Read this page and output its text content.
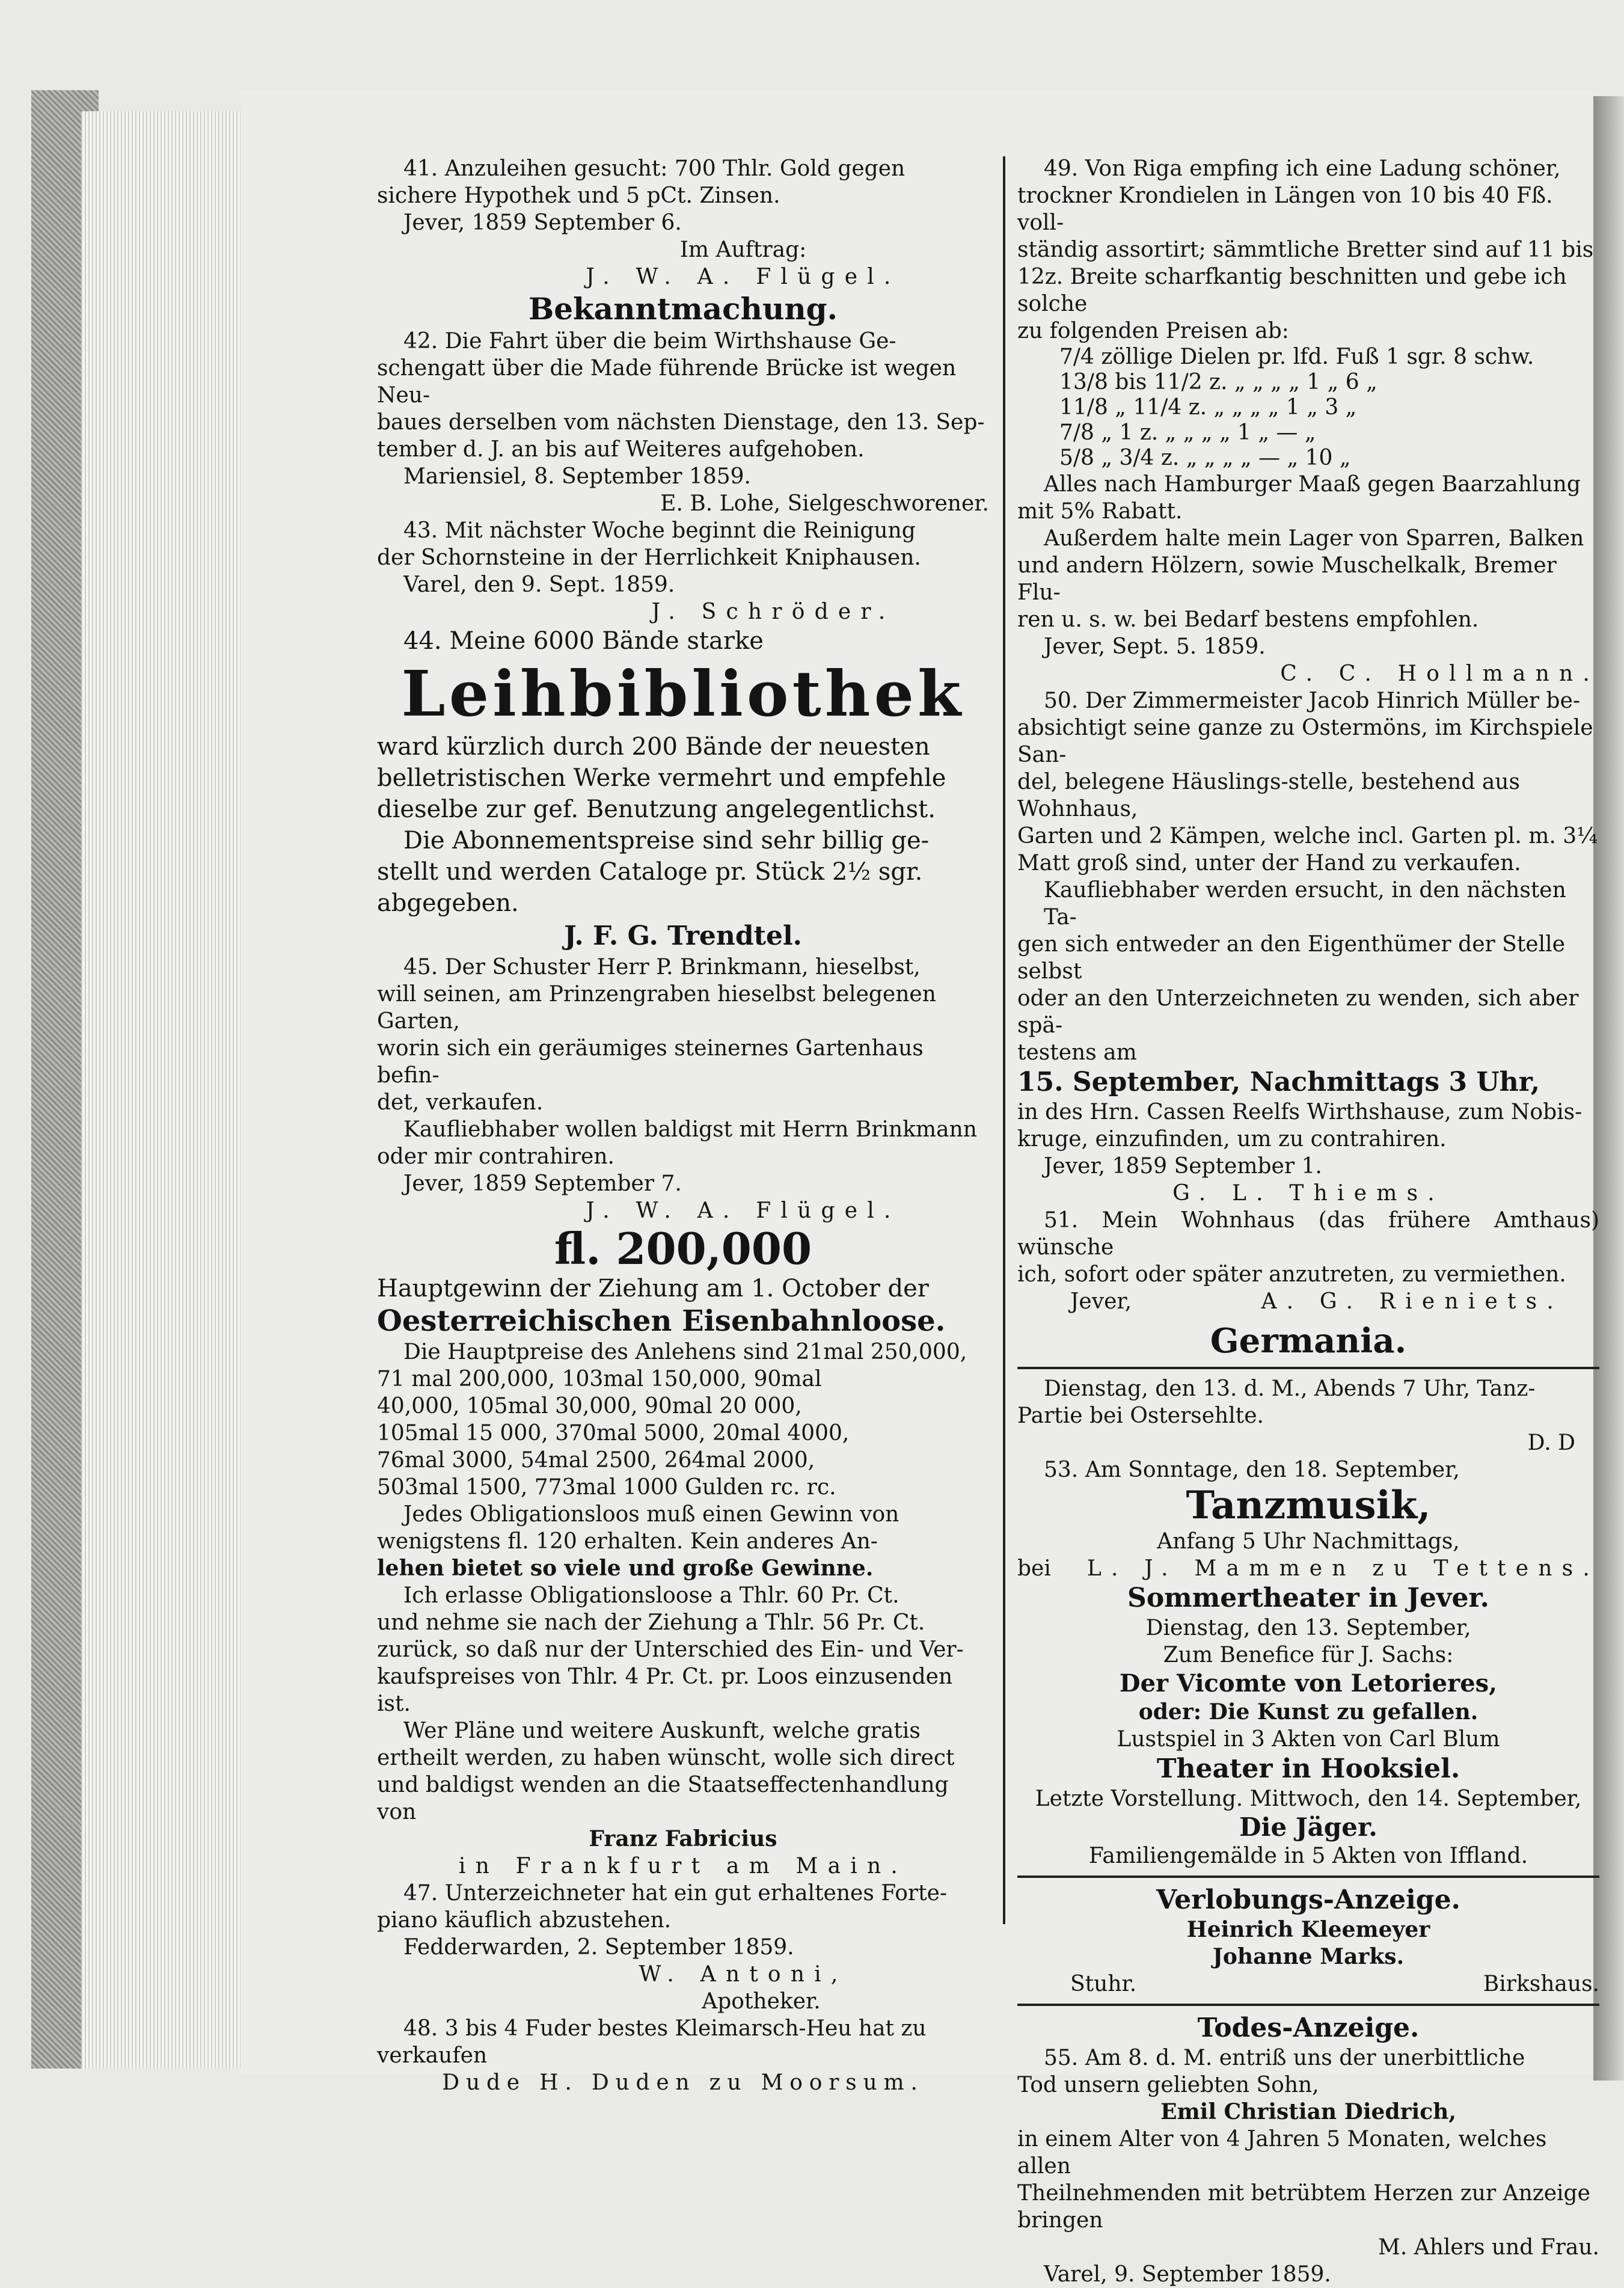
41. Anzuleihen gesucht: 700 Thlr. Gold gegen

sichere Hypothek und 5 pCt. Zinsen.

Jever, 1859 September 6.

Im Auftrag:

J. W. A. Flügel.

Bekanntmachung.

42. Die Fahrt über die beim Wirthshause Ge-

schengatt über die Made führende Brücke ist wegen Neu-

baues derselben vom nächsten Dienstage, den 13. Sep-

tember d. J. an bis auf Weiteres aufgehoben.

Mariensiel, 8. September 1859.

E. B. Lohe, Sielgeschworener.

43. Mit nächster Woche beginnt die Reinigung

der Schornsteine in der Herrlichkeit Kniphausen.

Varel, den 9. Sept. 1859.

J. Schröder.

44. Meine 6000 Bände starke

Leihbibliothek

ward kürzlich durch 200 Bände der neuesten

belletristischen Werke vermehrt und empfehle

dieselbe zur gef. Benutzung angelegentlichst.

Die Abonnementspreise sind sehr billig ge-

stellt und werden Cataloge pr. Stück 2½ sgr.

abgegeben.

J. F. G. Trendtel.

45. Der Schuster Herr P. Brinkmann, hieselbst,

will seinen, am Prinzengraben hieselbst belegenen Garten,

worin sich ein geräumiges steinernes Gartenhaus befin-

det, verkaufen.

Kaufliebhaber wollen baldigst mit Herrn Brinkmann

oder mir contrahiren.

Jever, 1859 September 7.

J. W. A. Flügel.

fl. 200,000

Hauptgewinn der Ziehung am 1. October der

Oesterreichischen Eisenbahnloose.

Die Hauptpreise des Anlehens sind 21mal 250,000,

71 mal 200,000, 103mal 150,000, 90mal

40,000, 105mal 30,000, 90mal 20 000,

105mal 15 000, 370mal 5000, 20mal 4000,

76mal 3000, 54mal 2500, 264mal 2000,

503mal 1500, 773mal 1000 Gulden rc. rc.

Jedes Obligationsloos muß einen Gewinn von

wenigstens fl. 120 erhalten. Kein anderes An-

lehen bietet so viele und große Gewinne.

Ich erlasse Obligationsloose a Thlr. 60 Pr. Ct.

und nehme sie nach der Ziehung a Thlr. 56 Pr. Ct.

zurück, so daß nur der Unterschied des Ein- und Ver-

kaufspreises von Thlr. 4 Pr. Ct. pr. Loos einzusenden ist.

Wer Pläne und weitere Auskunft, welche gratis

ertheilt werden, zu haben wünscht, wolle sich direct

und baldigst wenden an die Staatseffectenhandlung von

Franz Fabricius

in Frankfurt am Main.

47. Unterzeichneter hat ein gut erhaltenes Forte-

piano käuflich abzustehen.

Fedderwarden, 2. September 1859.

W. Antoni,

Apotheker.

48. 3 bis 4 Fuder bestes Kleimarsch-Heu hat zu

verkaufen

Dude H. Duden zu Moorsum.

49. Von Riga empfing ich eine Ladung schöner,

trockner Krondielen in Längen von 10 bis 40 Fß. voll-

ständig assortirt; sämmtliche Bretter sind auf 11 bis

12z. Breite scharfkantig beschnitten und gebe ich solche

zu folgenden Preisen ab:

7/4 zöllige Dielen pr. lfd. Fuß 1 sgr. 8 schw.

13/8 bis 11/2 z. „ „ „ „ 1 „ 6 „

11/8 „ 11/4 z. „ „ „ „ 1 „ 3 „

7/8 „ 1 z. „ „ „ „ 1 „ — „

5/8 „ 3/4 z. „ „ „ „ — „ 10 „

Alles nach Hamburger Maaß gegen Baarzahlung

mit 5% Rabatt.

Außerdem halte mein Lager von Sparren, Balken

und andern Hölzern, sowie Muschelkalk, Bremer Flu-

ren u. s. w. bei Bedarf bestens empfohlen.

Jever, Sept. 5. 1859.

C. C. Hollmann.

50. Der Zimmermeister Jacob Hinrich Müller be-

absichtigt seine ganze zu Ostermöns, im Kirchspiele San-

del, belegene Häuslings-stelle, bestehend aus Wohnhaus,

Garten und 2 Kämpen, welche incl. Garten pl. m. 3¼

Matt groß sind, unter der Hand zu verkaufen.

Kaufliebhaber werden ersucht, in den nächsten Ta-

gen sich entweder an den Eigenthümer der Stelle selbst

oder an den Unterzeichneten zu wenden, sich aber spä-

testens am

15. September, Nachmittags 3 Uhr,

in des Hrn. Cassen Reelfs Wirthshause, zum Nobis-

kruge, einzufinden, um zu contrahiren.

Jever, 1859 September 1.

G. L. Thiems.

51. Mein Wohnhaus (das frühere Amthaus) wünsche

ich, sofort oder später anzutreten, zu vermiethen.

Jever,	A. G. Rieniets.

Germania.

Dienstag, den 13. d. M., Abends 7 Uhr, Tanz-

Partie bei Ostersehlte.

D. D

53. Am Sonntage, den 18. September,

Tanzmusik,

Anfang 5 Uhr Nachmittags,

bei L. J. Mammen zu Tettens.

Sommertheater in Jever.

Dienstag, den 13. September,

Zum Benefice für J. Sachs:

Der Vicomte von Letorieres,

oder: Die Kunst zu gefallen.

Lustspiel in 3 Akten von Carl Blum

Theater in Hooksiel.

Letzte Vorstellung. Mittwoch, den 14. September,

Die Jäger.

Familiengemälde in 5 Akten von Iffland.

Verlobungs-Anzeige.

Heinrich Kleemeyer

Johanne Marks.

Stuhr.	Birkshaus.

Todes-Anzeige.

55. Am 8. d. M. entriß uns der unerbittliche

Tod unsern geliebten Sohn,

Emil Christian Diedrich,

in einem Alter von 4 Jahren 5 Monaten, welches allen

Theilnehmenden mit betrübtem Herzen zur Anzeige bringen

M. Ahlers und Frau.

Varel, 9. September 1859.
